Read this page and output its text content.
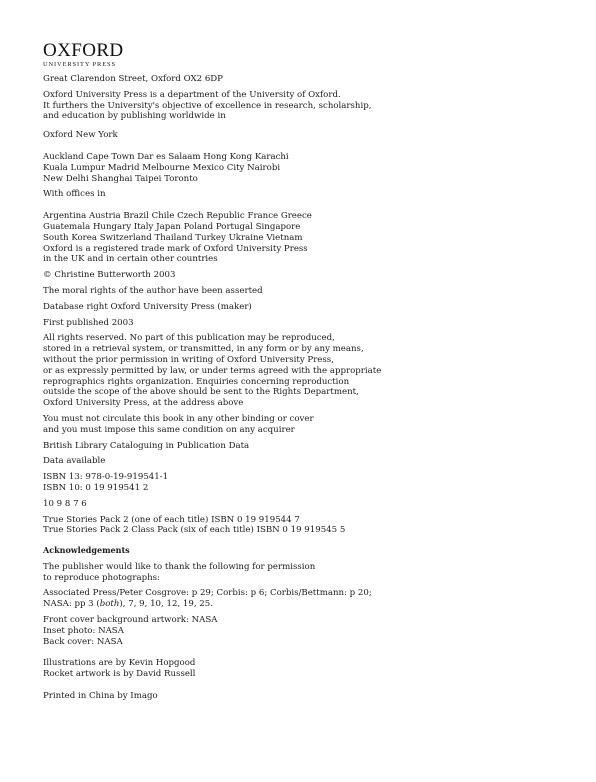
OXFORD
UNIVERSITY PRESS

Great Clarendon Street, Oxford OX2 6DP

Oxford University Press is a department of the University of Oxford.
It furthers the University's objective of excellence in research, scholarship,
and education by publishing worldwide in

Oxford New York

Auckland Cape Town Dar es Salaam Hong Kong Karachi
Kuala Lumpur Madrid Melbourne Mexico City Nairobi
New Delhi Shanghai Taipei Toronto

With offices in

Argentina Austria Brazil Chile Czech Republic France Greece
Guatemala Hungary Italy Japan Poland Portugal Singapore
South Korea Switzerland Thailand Turkey Ukraine Vietnam
Oxford is a registered trade mark of Oxford University Press
in the UK and in certain other countries

© Christine Butterworth 2003

The moral rights of the author have been asserted

Database right Oxford University Press (maker)

First published 2003

All rights reserved. No part of this publication may be reproduced,
stored in a retrieval system, or transmitted, in any form or by any means,
without the prior permission in writing of Oxford University Press,
or as expressly permitted by law, or under terms agreed with the appropriate
reprographics rights organization. Enquiries concerning reproduction
outside the scope of the above should be sent to the Rights Department,
Oxford University Press, at the address above

You must not circulate this book in any other binding or cover
and you must impose this same condition on any acquirer

British Library Cataloguing in Publication Data

Data available

ISBN 13: 978-0-19-919541-1
ISBN 10: 0 19 919541 2

10 9 8 7 6

True Stories Pack 2 (one of each title) ISBN 0 19 919544 7
True Stories Pack 2 Class Pack (six of each title) ISBN 0 19 919545 5

Acknowledgements

The publisher would like to thank the following for permission
to reproduce photographs:

Associated Press/Peter Cosgrove: p 29; Corbis: p 6; Corbis/Bettmann: p 20;
NASA: pp 3 (both), 7, 9, 10, 12, 19, 25.

Front cover background artwork: NASA
Inset photo: NASA
Back cover: NASA

Illustrations are by Kevin Hopgood
Rocket artwork is by David Russell

Printed in China by Imago
